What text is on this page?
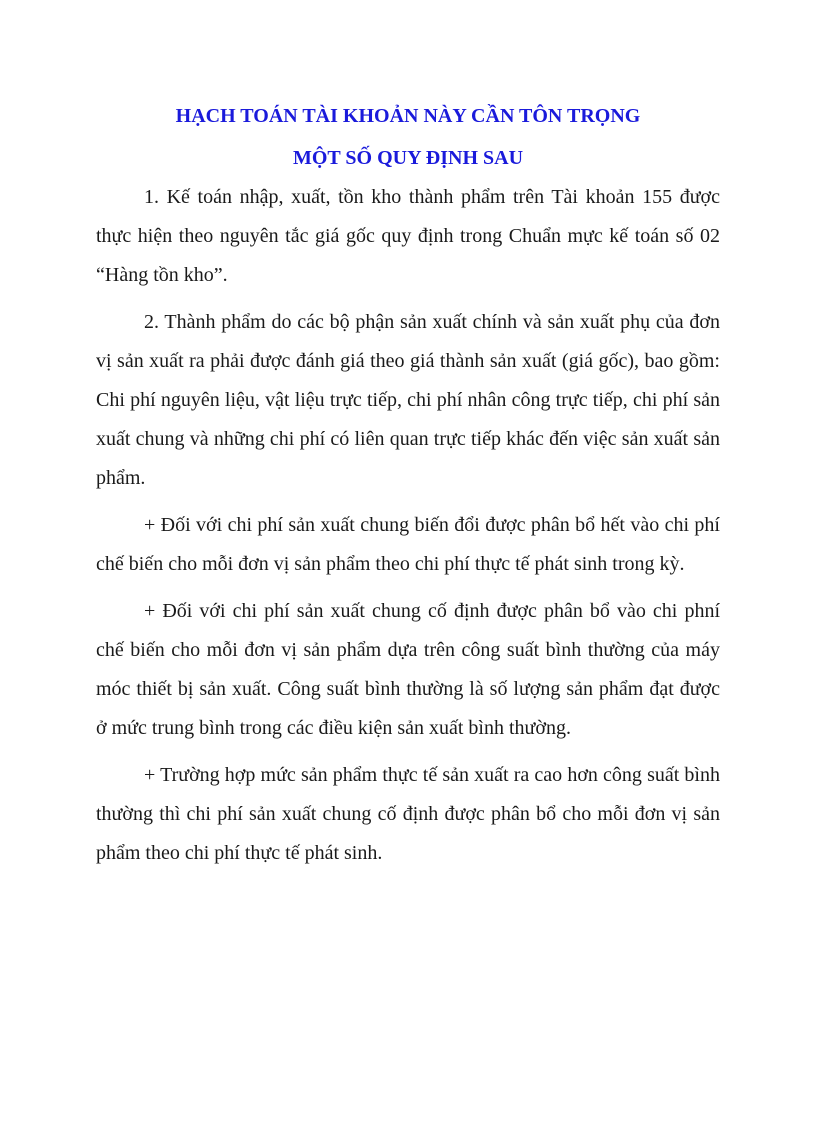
HẠCH TOÁN TÀI KHOẢN NÀY CẦN TÔN TRỌNG
MỘT SỐ QUY ĐỊNH SAU

1. Kế toán nhập, xuất, tồn kho thành phẩm trên Tài khoản 155 được thực hiện theo nguyên tắc giá gốc quy định trong Chuẩn mực kế toán số 02 “Hàng tồn kho”.

2. Thành phẩm do các bộ phận sản xuất chính và sản xuất phụ của đơn vị sản xuất ra phải được đánh giá theo giá thành sản xuất (giá gốc), bao gồm: Chi phí nguyên liệu, vật liệu trực tiếp, chi phí nhân công trực tiếp, chi phí sản xuất chung và những chi phí có liên quan trực tiếp khác đến việc sản xuất sản phẩm.

+ Đối với chi phí sản xuất chung biến đổi được phân bổ hết vào chi phí chế biến cho mỗi đơn vị sản phẩm theo chi phí thực tế phát sinh trong kỳ.

+ Đối với chi phí sản xuất chung cố định được phân bổ vào chi phní chế biến cho mỗi đơn vị sản phẩm dựa trên công suất bình thường của máy móc thiết bị sản xuất. Công suất bình thường là số lượng sản phẩm đạt được ở mức trung bình trong các điều kiện sản xuất bình thường.

+ Trường hợp mức sản phẩm thực tế sản xuất ra cao hơn công suất bình thường thì chi phí sản xuất chung cố định được phân bổ cho mỗi đơn vị sản phẩm theo chi phí thực tế phát sinh.
